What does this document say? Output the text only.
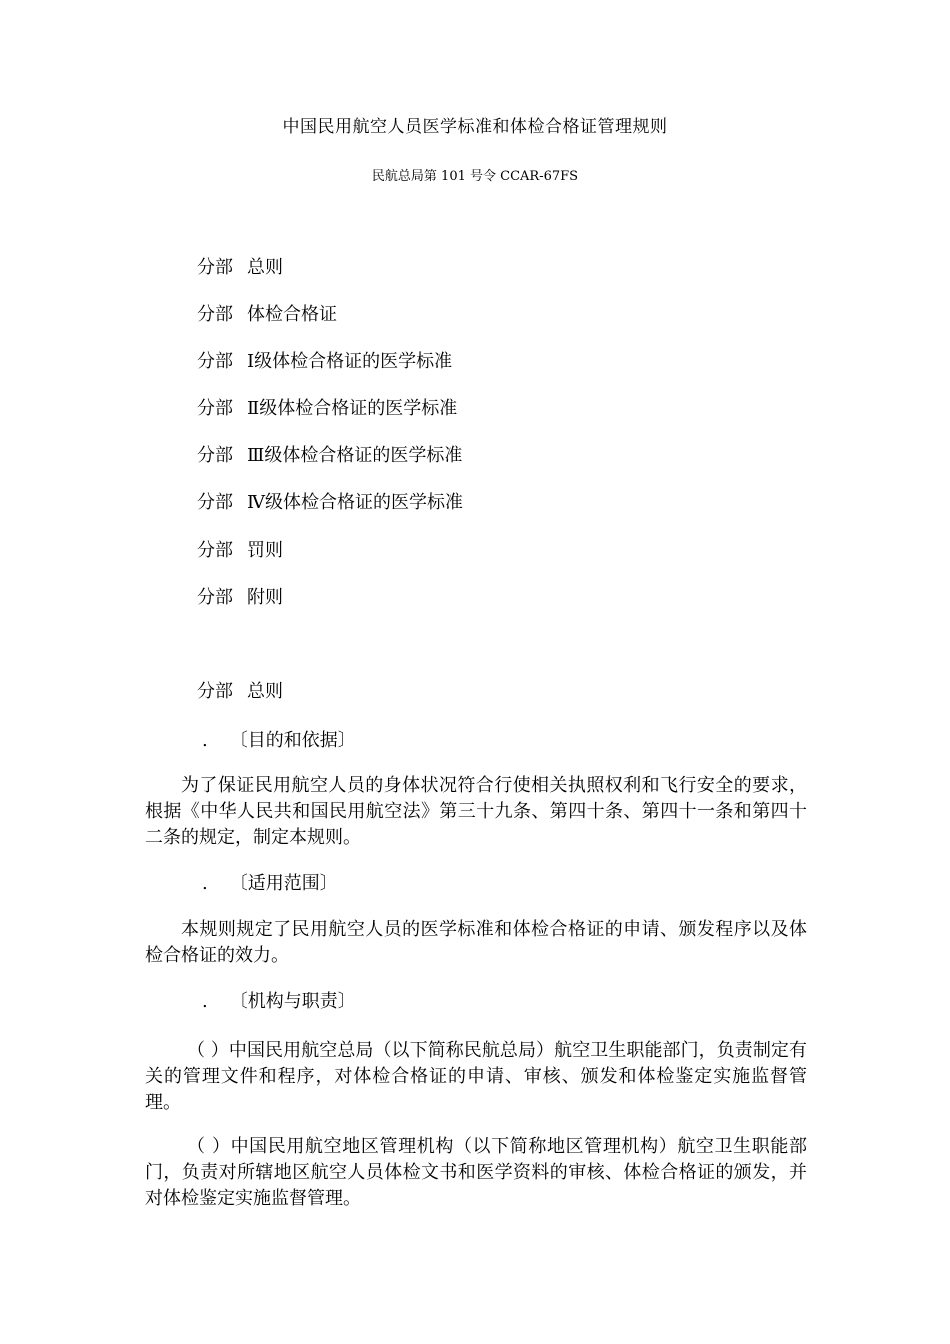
中国民用航空人员医学标准和体检合格证管理规则
民航总局第 101 号令 CCAR-67FS
分部 总则
分部 体检合格证
分部 Ⅰ级体检合格证的医学标准
分部 Ⅱ级体检合格证的医学标准
分部 Ⅲ级体检合格证的医学标准
分部 Ⅳ级体检合格证的医学标准
分部 罚则
分部 附则
分部 总则
. 〔目的和依据〕
为了保证民用航空人员的身体状况符合行使相关执照权利和飞行安全的要求，根据《中华人民共和国民用航空法》第三十九条、第四十条、第四十一条和第四十二条的规定，制定本规则。
. 〔适用范围〕
本规则规定了民用航空人员的医学标准和体检合格证的申请、颁发程序以及体检合格证的效力。
. 〔机构与职责〕
（ ）中国民用航空总局（以下简称民航总局）航空卫生职能部门，负责制定有关的管理文件和程序，对体检合格证的申请、审核、颁发和体检鉴定实施监督管理。
（ ）中国民用航空地区管理机构（以下简称地区管理机构）航空卫生职能部门，负责对所辖地区航空人员体检文书和医学资料的审核、体检合格证的颁发，并对体检鉴定实施监督管理。
